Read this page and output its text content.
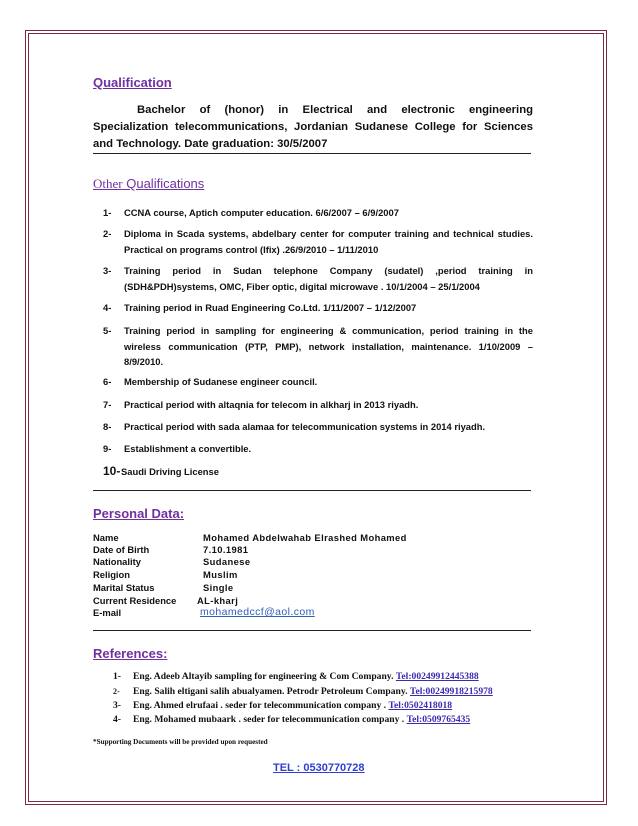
Qualification
Bachelor of (honor) in Electrical and electronic engineering Specialization telecommunications, Jordanian Sudanese College for Sciences and Technology. Date graduation: 30/5/2007
Other Qualifications
1-	CCNA course, Aptich computer education. 6/6/2007 – 6/9/2007
2-	Diploma in Scada systems, abdelbary center for computer training and technical studies. Practical on programs control (Ifix) .26/9/2010 – 1/11/2010
3-	Training period in Sudan telephone Company (sudatel) ,period training in (SDH&PDH)systems, OMC, Fiber optic, digital microwave . 10/1/2004 – 25/1/2004
4-	Training period in Ruad Engineering Co.Ltd. 1/11/2007 – 1/12/2007
5-	Training period in sampling for engineering & communication, period training in the wireless communication (PTP, PMP), network installation, maintenance. 1/10/2009 – 8/9/2010.
6-	Membership of Sudanese engineer council.
7-	Practical period with altaqnia for telecom in alkharj in 2013 riyadh.
8-	Practical period with sada alamaa for telecommunication systems in 2014 riyadh.
9-	Establishment a convertible.
10- Saudi Driving License
Personal Data:
Name	Mohamed Abdelwahab Elrashed Mohamed
Date of Birth	7.10.1981
Nationality	Sudanese
Religion	Muslim
Marital Status	Single
Current Residence AL-kharj
E-mail	mohamedccf@aol.com
References:
1-	Eng. Adeeb Altayib sampling for engineering & Com Company.
Tel:00249912445388
2-	Eng. Salih eltigani salih abualyamen. Petrodr Petroleum Company.
Tel:00249918215978
3-	Eng. Ahmed elrufaai . seder for telecommunication company .
Tel:0502418018
4-	Eng. Mohamed mubaark . seder for telecommunication company .
Tel:0509765435
*Supporting Documents will be provided upon requested
TEL : 0530770728
